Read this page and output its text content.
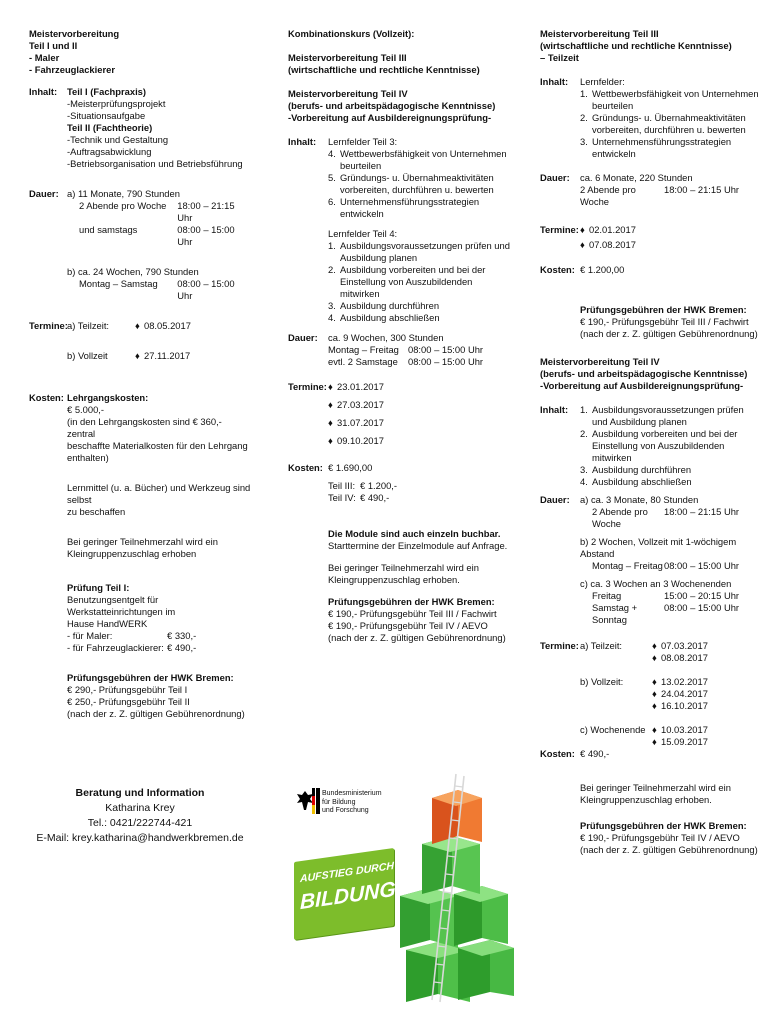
Meistervorbereitung
Teil I und II
- Maler
- Fahrzeuglackierer
Inhalt: Teil I (Fachpraxis)
-Meisterprüfungsprojekt
-Situationsaufgabe
Teil II (Fachtheorie)
-Technik und Gestaltung
-Auftragsabwicklung
-Betriebsorganisation und Betriebsführung
Dauer: a) 11 Monate, 790 Stunden
2 Abende pro Woche	18:00 – 21:15 Uhr
und samstags	08:00 – 15:00 Uhr
b) ca. 24 Wochen, 790 Stunden
Montag – Samstag	08:00 – 15:00 Uhr
Termine: a) Teilzeit:	♦ 08.05.2017
b) Vollzeit	♦ 27.11.2017
Kosten: Lehrgangskosten:
€ 5.000,-
(in den Lehrgangskosten sind € 360,- zentral
beschaffte Materialkosten für den Lehrgang
enthalten)
Lernmittel (u. a. Bücher) und Werkzeug sind selbst
zu beschaffen
Bei geringer Teilnehmerzahl wird ein
Kleingruppenzuschlag erhoben
Prüfung Teil I:
Benutzungsentgelt für Werkstatteinrichtungen im
Hause HandWERK
- für Maler:	€ 330,-
- für Fahrzeuglackierer: € 490,-
Prüfungsgebühren der HWK Bremen:
€ 290,- Prüfungsgebühr Teil I
€ 250,- Prüfungsgebühr Teil II
(nach der z. Z. gültigen Gebührenordnung)
Beratung und Information
Katharina Krey
Tel.: 0421/222744-421
E-Mail: krey.katharina@handwerkbremen.de
Kombinationskurs (Vollzeit):
Meistervorbereitung Teil III
(wirtschaftliche und rechtliche Kenntnisse)
Meistervorbereitung Teil IV
(berufs- und arbeitspädagogische Kenntnisse)
-Vorbereitung auf Ausbildereignungsprüfung-
Inhalt: Lernfelder Teil 3:
4. Wettbewerbsfähigkeit von Unternehmen
beurteilen
5. Gründungs- u. Übernahmeaktivitäten
vorbereiten, durchführen u. bewerten
6. Unternehmensführungsstrategien
entwickeln
Lernfelder Teil 4:
1. Ausbildungsvoraussetzungen prüfen und
Ausbildung planen
2. Ausbildung vorbereiten und bei der
Einstellung von Auszubildenden mitwirken
3. Ausbildung durchführen
4. Ausbildung abschließen
Dauer: ca. 9 Wochen, 300 Stunden
Montag – Freitag 08:00 – 15:00 Uhr
evtl. 2 Samstage	08:00 – 15:00 Uhr
Termine: ♦ 23.01.2017
♦ 27.03.2017
♦ 31.07.2017
♦ 09.10.2017
Kosten: € 1.690,00
Teil III: € 1.200,-
Teil IV: € 490,-
Die Module sind auch einzeln buchbar.
Starttermine der Einzelmodule auf Anfrage.
Bei geringer Teilnehmerzahl wird ein
Kleingruppenzuschlag erhoben.
Prüfungsgebühren der HWK Bremen:
€ 190,- Prüfungsgebühr Teil III / Fachwirt
€ 190,- Prüfungsgebühr Teil IV / AEVO
(nach der z. Z. gültigen Gebührenordnung)
Bundesministerium
für Bildung
und Forschung
AUFSTIEG DURCH
BILDUNG»
Meistervorbereitung Teil III
(wirtschaftliche und rechtliche Kenntnisse)
– Teilzeit
Inhalt: Lernfelder:
1. Wettbewerbsfähigkeit von Unternehmen
beurteilen
2. Gründungs- u. Übernahmeaktivitäten
vorbereiten, durchführen u. bewerten
3. Unternehmensführungsstrategien
entwickeln
Dauer: ca. 6 Monate, 220 Stunden
2 Abende pro Woche
18:00 – 21:15 Uhr
Termine: ♦ 02.01.2017
♦ 07.08.2017
Kosten: € 1.200,00
Prüfungsgebühren der HWK Bremen:
€ 190,- Prüfungsgebühr Teil III / Fachwirt
(nach der z. Z. gültigen Gebührenordnung)
Meistervorbereitung Teil IV
(berufs- und arbeitspädagogische Kenntnisse)
-Vorbereitung auf Ausbildereignungsprüfung-
Inhalt: 1. Ausbildungsvoraussetzungen prüfen
und Ausbildung planen
2. Ausbildung vorbereiten und bei der
Einstellung von Auszubildenden mitwirken
3. Ausbildung durchführen
4. Ausbildung abschließen
Dauer: a) ca. 3 Monate, 80 Stunden
2 Abende pro Woche
18:00 – 21:15 Uhr
b) 2 Wochen, Vollzeit mit 1-wöchigem Abstand
Montag – Freitag 08:00 – 15:00 Uhr
c) ca. 3 Wochen an 3 Wochenenden
Freitag	15:00 – 20:15 Uhr
Samstag + Sonntag
08:00 – 15:00 Uhr
Termine: a) Teilzeit:	♦ 07.03.2017
♦ 08.08.2017
b) Vollzeit:	♦ 13.02.2017
♦ 24.04.2017
♦ 16.10.2017
c) Wochenende ♦ 10.03.2017
♦ 15.09.2017
Kosten: € 490,-
Bei geringer Teilnehmerzahl wird ein
Kleingruppenzuschlag erhoben.
Prüfungsgebühren der HWK Bremen:
€ 190,- Prüfungsgebühr Teil IV / AEVO
(nach der z. Z. gültigen Gebührenordnung)
